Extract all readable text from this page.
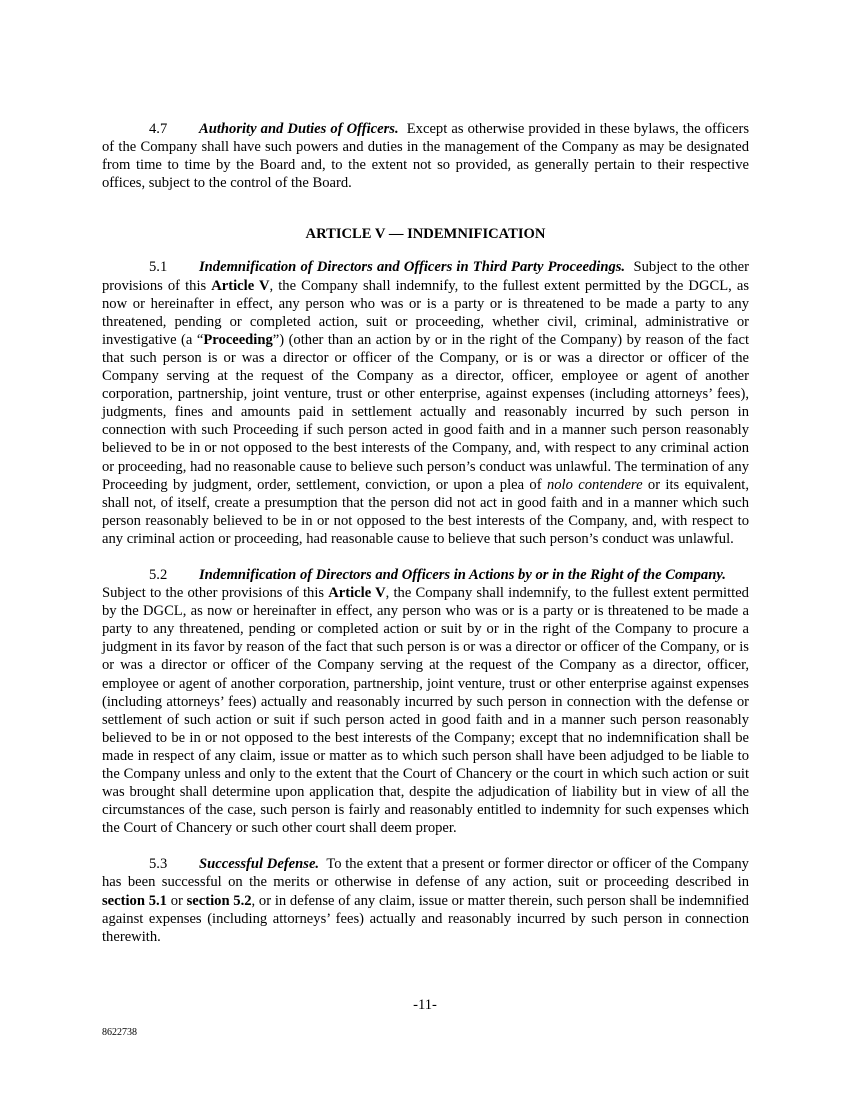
4.7 Authority and Duties of Officers. Except as otherwise provided in these bylaws, the officers of the Company shall have such powers and duties in the management of the Company as may be designated from time to time by the Board and, to the extent not so provided, as generally pertain to their respective offices, subject to the control of the Board.

ARTICLE V — INDEMNIFICATION

5.1 Indemnification of Directors and Officers in Third Party Proceedings. Subject to the other provisions of this Article V, the Company shall indemnify, to the fullest extent permitted by the DGCL, as now or hereinafter in effect, any person who was or is a party or is threatened to be made a party to any threatened, pending or completed action, suit or proceeding, whether civil, criminal, administrative or investigative (a “Proceeding”) (other than an action by or in the right of the Company) by reason of the fact that such person is or was a director or officer of the Company, or is or was a director or officer of the Company serving at the request of the Company as a director, officer, employee or agent of another corporation, partnership, joint venture, trust or other enterprise, against expenses (including attorneys’ fees), judgments, fines and amounts paid in settlement actually and reasonably incurred by such person in connection with such Proceeding if such person acted in good faith and in a manner such person reasonably believed to be in or not opposed to the best interests of the Company, and, with respect to any criminal action or proceeding, had no reasonable cause to believe such person’s conduct was unlawful. The termination of any Proceeding by judgment, order, settlement, conviction, or upon a plea of nolo contendere or its equivalent, shall not, of itself, create a presumption that the person did not act in good faith and in a manner which such person reasonably believed to be in or not opposed to the best interests of the Company, and, with respect to any criminal action or proceeding, had reasonable cause to believe that such person’s conduct was unlawful.

5.2 Indemnification of Directors and Officers in Actions by or in the Right of the Company.
Subject to the other provisions of this Article V, the Company shall indemnify, to the fullest extent permitted by the DGCL, as now or hereinafter in effect, any person who was or is a party or is threatened to be made a party to any threatened, pending or completed action or suit by or in the right of the Company to procure a judgment in its favor by reason of the fact that such person is or was a director or officer of the Company, or is or was a director or officer of the Company serving at the request of the Company as a director, officer, employee or agent of another corporation, partnership, joint venture, trust or other enterprise against expenses (including attorneys’ fees) actually and reasonably incurred by such person in connection with the defense or settlement of such action or suit if such person acted in good faith and in a manner such person reasonably believed to be in or not opposed to the best interests of the Company; except that no indemnification shall be made in respect of any claim, issue or matter as to which such person shall have been adjudged to be liable to the Company unless and only to the extent that the Court of Chancery or the court in which such action or suit was brought shall determine upon application that, despite the adjudication of liability but in view of all the circumstances of the case, such person is fairly and reasonably entitled to indemnity for such expenses which the Court of Chancery or such other court shall deem proper.

5.3 Successful Defense. To the extent that a present or former director or officer of the Company has been successful on the merits or otherwise in defense of any action, suit or proceeding described in section 5.1 or section 5.2, or in defense of any claim, issue or matter therein, such person shall be indemnified against expenses (including attorneys’ fees) actually and reasonably incurred by such person in connection therewith.

-11-
8622738
